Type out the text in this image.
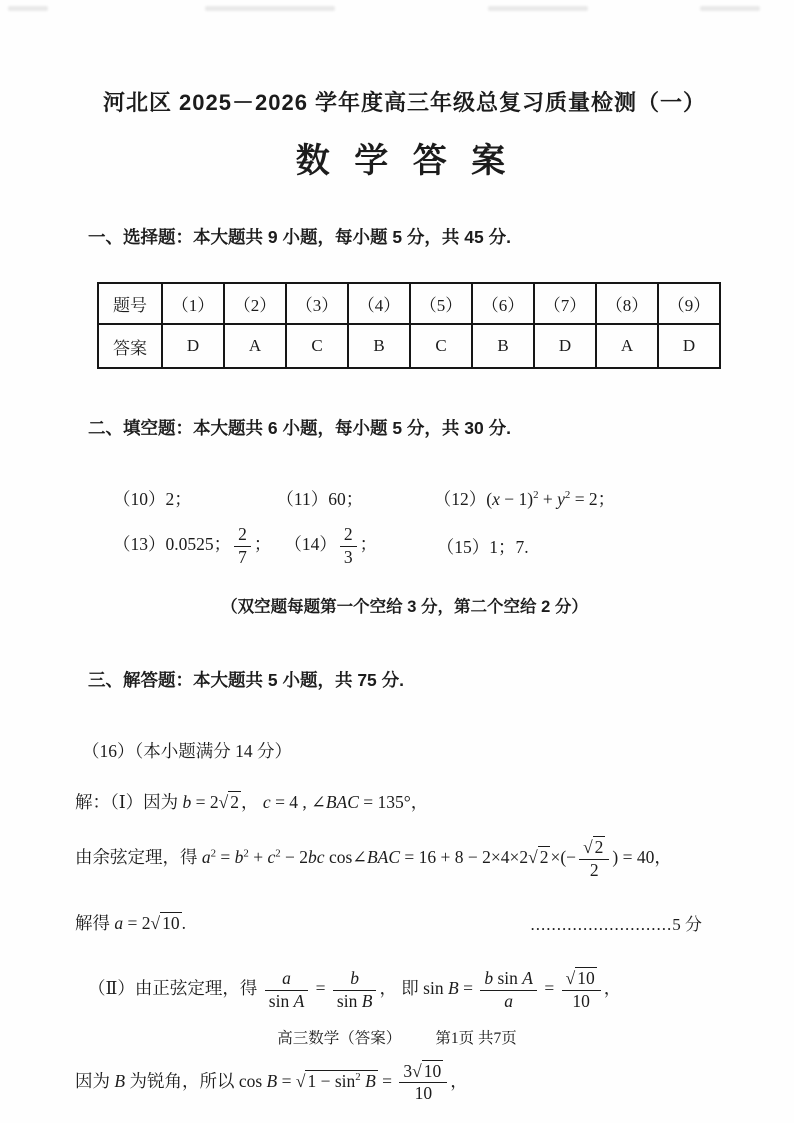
河北区 2025－2026 学年度高三年级总复习质量检测（一）
数 学 答 案
一、选择题：本大题共 9 小题，每小题 5 分，共 45 分.
题号	（1）	（2）	（3）	（4）	（5）	（6）	（7）	（8）	（9）
答案	D	A	C	B	C	B	D	A	D
二、填空题：本大题共 6 小题，每小题 5 分，共 30 分.
（10）2；	（11）60；	$(12)(x - 1)^2 + y^2 = 2$；
（13）0.0525； $\frac{2}{7}$ ； $(14) \frac{2}{3}$ ；	（15）1；7.
（双空题每题第一个空给 3 分，第二个空给 2 分）
三、解答题：本大题共 5 小题，共 75 分.
（16）（本小题满分 14 分）
解：（Ⅰ）因为 b = 2√ 2 ， c = 4 , ∠BAC = 135°，
由余弦定理，得 $a^2 = b^2 + c^2 - 2bc$ cos∠BAC = 16 + 8 − 2×4×2√ 2 ×(− $\frac{√ 2}{2}$ ) = 40，
解得 a = 2√ 10 .	...........................5 分
（Ⅱ）由正弦定理，得 $\frac{a}{\text{sin A}} = \frac{b}{\text{sin B}}$ ， 即 $\sin B = \frac{\text{b sin A}}{a} = \frac{√ 10}{10}$ ，
因为 B 为锐角，所以 cos B = √ $1 - \sin^2 B = \frac{3√ 10}{10}$ ，
高三数学（答案） 第1页 共7页
